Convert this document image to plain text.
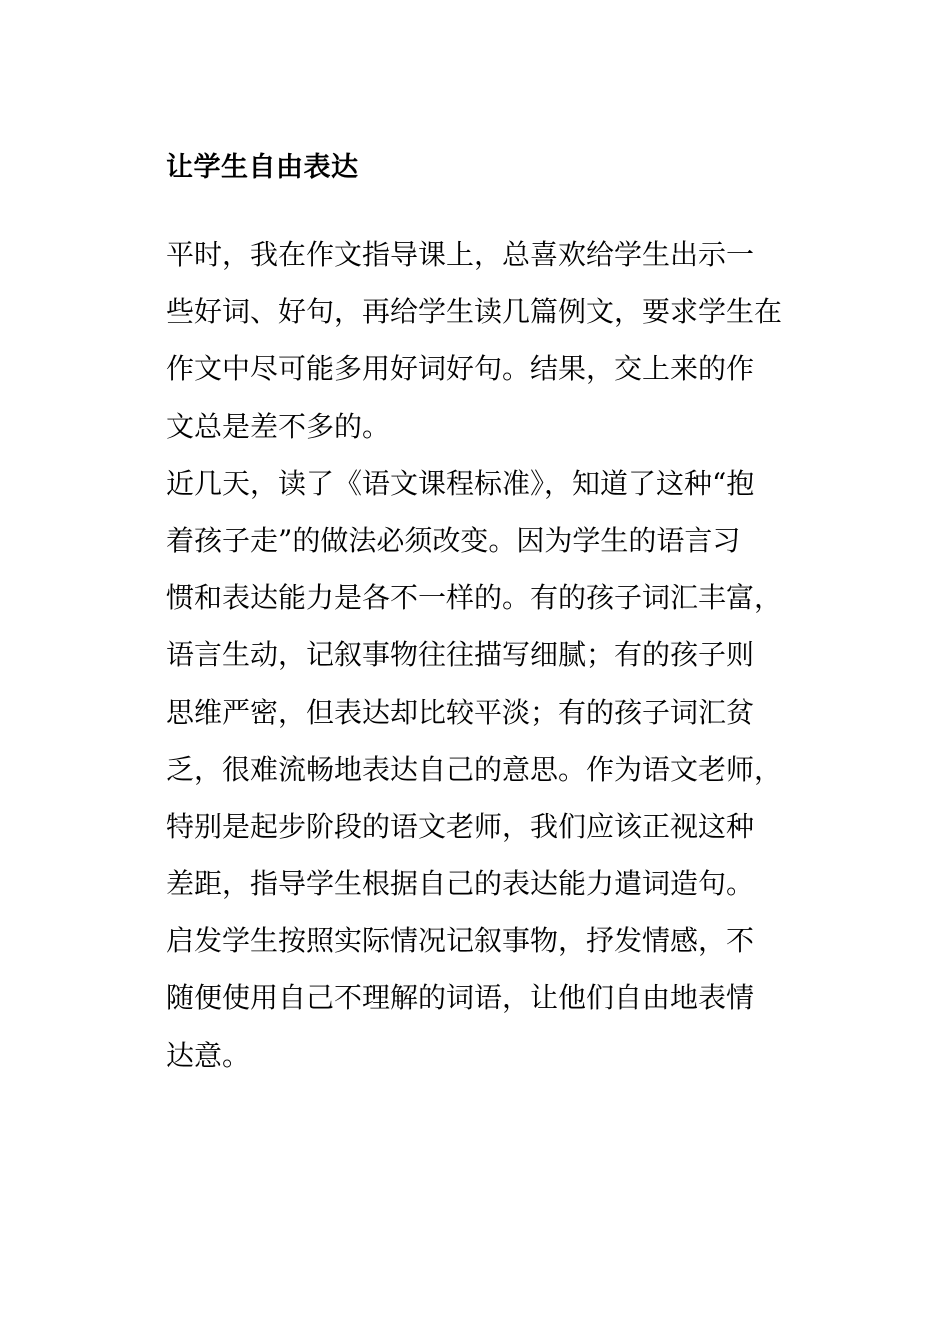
让学生自由表达
平时，我在作文指导课上，总喜欢给学生出示一
些好词、好句，再给学生读几篇例文，要求学生在
作文中尽可能多用好词好句。结果，交上来的作
文总是差不多的。
近几天，读了《语文课程标准》，知道了这种“抱
着孩子走”的做法必须改变。因为学生的语言习
惯和表达能力是各不一样的。有的孩子词汇丰富，
语言生动，记叙事物往往描写细腻；有的孩子则
思维严密，但表达却比较平淡；有的孩子词汇贫
乏，很难流畅地表达自己的意思。作为语文老师，
特别是起步阶段的语文老师，我们应该正视这种
差距，指导学生根据自己的表达能力遣词造句。
启发学生按照实际情况记叙事物，抒发情感，不
随便使用自己不理解的词语，让他们自由地表情
达意。
